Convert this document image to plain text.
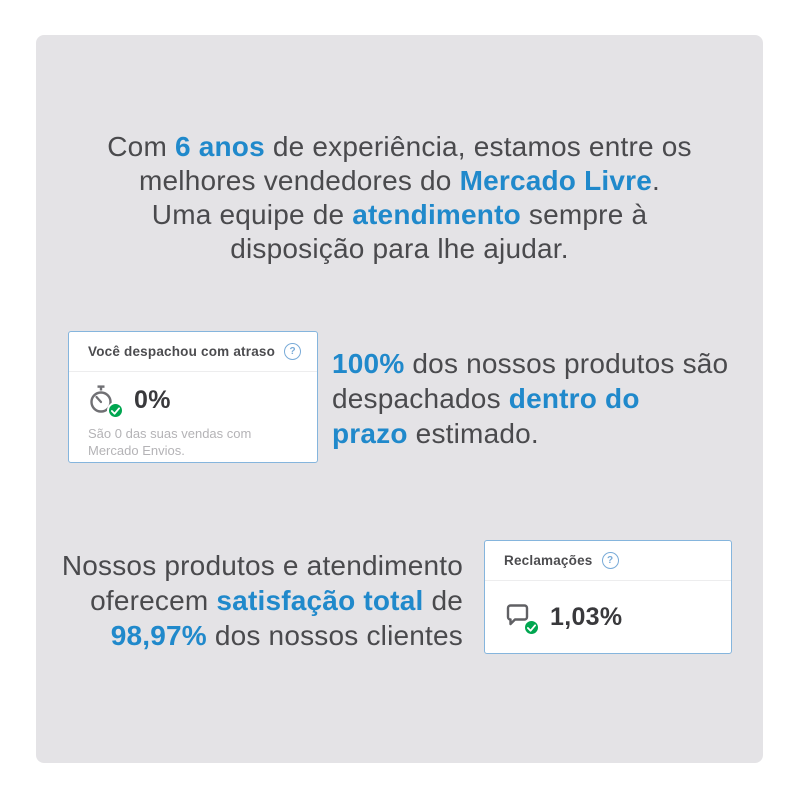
Com 6 anos de experiência, estamos entre os
melhores vendedores do Mercado Livre.
Uma equipe de atendimento sempre à
disposição para lhe ajudar.
Você despachou com atraso ?
0%

São 0 das suas vendas com Mercado Envios.

100% dos nossos produtos são
despachados dentro do
prazo estimado.
Nossos produtos e atendimento
oferecem satisfação total de
98,97% dos nossos clientes
Reclamações ?
1,03%
